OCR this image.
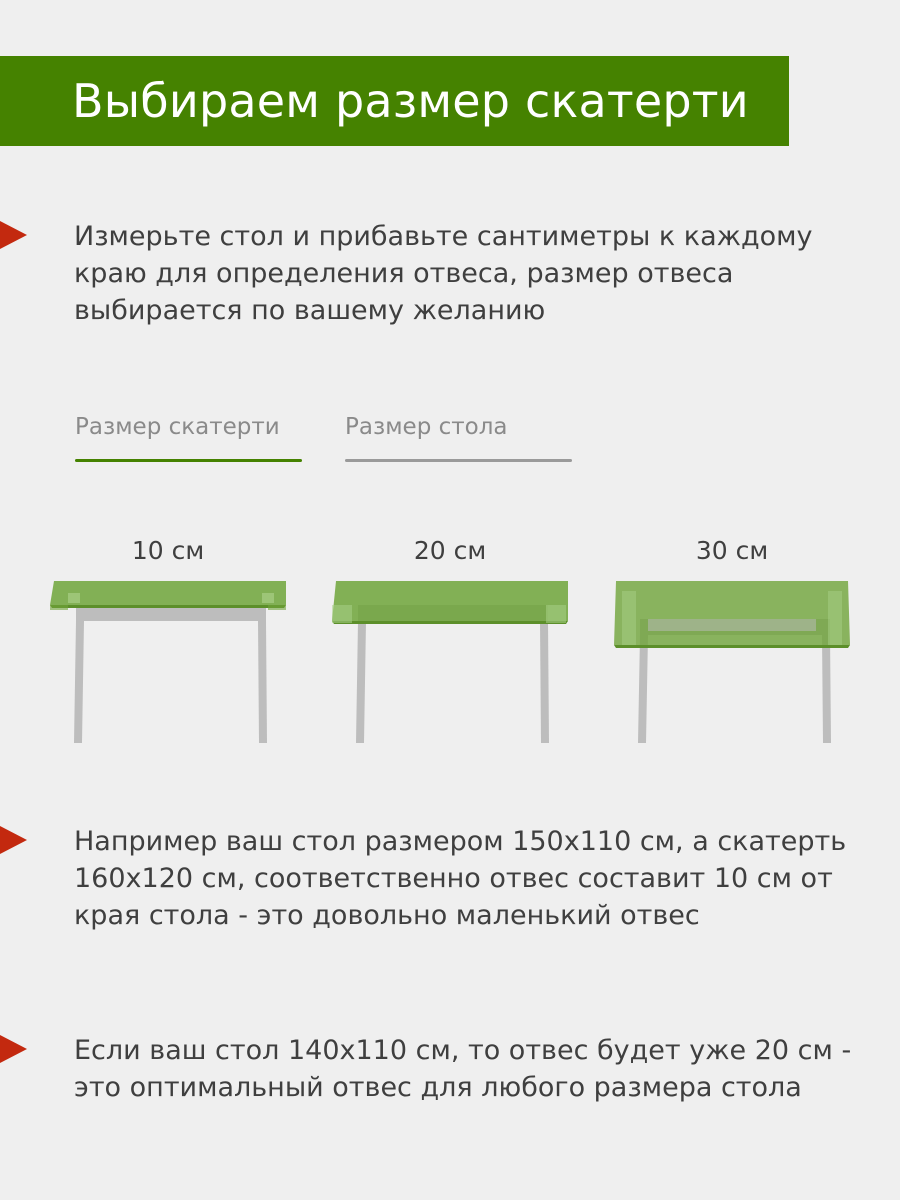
Выбираем размер скатерти

Измерьте стол и прибавьте сантиметры к каждому краю для определения отвеса, размер отвеса выбирается по вашему желанию

Размер скатерти	Размер стола
10 см	20 см	30 см

Например ваш стол размером 150х110 см, а скатерть 160х120 см, соответственно отвес составит 10 см от края стола - это довольно маленький отвес

Если ваш стол 140х110 см, то отвес будет уже 20 см - это оптимальный отвес для любого размера стола
